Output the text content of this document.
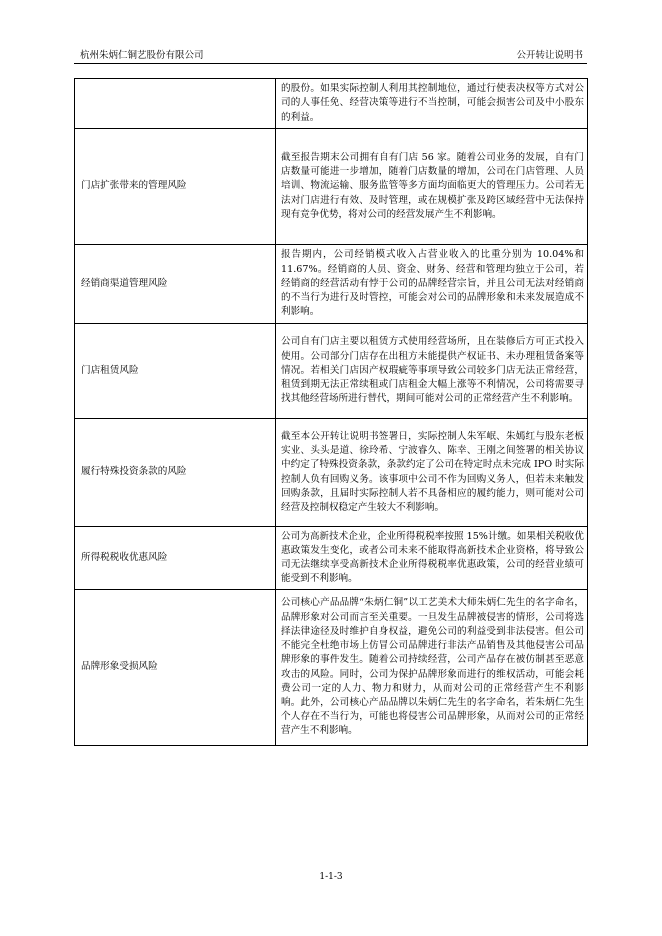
杭州朱炳仁铜艺股份有限公司	公开转让说明书
	的股份。如果实际控制人利用其控制地位，通过行使表决权等方式对公司的人事任免、经营决策等进行不当控制，可能会损害公司及中小股东的利益。
门店扩张带来的管理风险	截至报告期末公司拥有自有门店 56 家。随着公司业务的发展，自有门店数量可能进一步增加，随着门店数量的增加，公司在门店管理、人员培训、物流运输、服务监管等多方面均面临更大的管理压力。公司若无法对门店进行有效、及时管理，或在规模扩张及跨区域经营中无法保持现有竞争优势，将对公司的经营发展产生不利影响。
经销商渠道管理风险	报告期内，公司经销模式收入占营业收入的比重分别为 10.04%和 11.67%。经销商的人员、资金、财务、经营和管理均独立于公司，若经销商的经营活动有悖于公司的品牌经营宗旨，并且公司无法对经销商的不当行为进行及时管控，可能会对公司的品牌形象和未来发展造成不利影响。
门店租赁风险	公司自有门店主要以租赁方式使用经营场所，且在装修后方可正式投入使用。公司部分门店存在出租方未能提供产权证书、未办理租赁备案等情况。若相关门店因产权瑕疵等事项导致公司较多门店无法正常经营，租赁到期无法正常续租或门店租金大幅上涨等不利情况，公司将需要寻找其他经营场所进行替代，期间可能对公司的正常经营产生不利影响。
履行特殊投资条款的风险	截至本公开转让说明书签署日，实际控制人朱军岷、朱嫣红与股东老板实业、头头是道、徐玲希、宁波睿久、陈幸、王刚之间签署的相关协议中约定了特殊投资条款，条款约定了公司在特定时点未完成 IPO 时实际控制人负有回购义务。该事项中公司不作为回购义务人，但若未来触发回购条款，且届时实际控制人若不具备相应的履约能力，则可能对公司经营及控制权稳定产生较大不利影响。
所得税税收优惠风险	公司为高新技术企业，企业所得税税率按照 15%计缴。如果相关税收优惠政策发生变化，或者公司未来不能取得高新技术企业资格，将导致公司无法继续享受高新技术企业所得税税率优惠政策，公司的经营业绩可能受到不利影响。
品牌形象受损风险	公司核心产品品牌“朱炳仁铜”以工艺美术大师朱炳仁先生的名字命名，品牌形象对公司而言至关重要。一旦发生品牌被侵害的情形，公司将选择法律途径及时维护自身权益，避免公司的利益受到非法侵害。但公司不能完全杜绝市场上仿冒公司品牌进行非法产品销售及其他侵害公司品牌形象的事件发生。随着公司持续经营，公司产品存在被仿制甚至恶意攻击的风险。同时，公司为保护品牌形象而进行的维权活动，可能会耗费公司一定的人力、物力和财力，从而对公司的正常经营产生不利影响。此外，公司核心产品品牌以朱炳仁先生的名字命名，若朱炳仁先生个人存在不当行为，可能也将侵害公司品牌形象，从而对公司的正常经营产生不利影响。
1-1-3
